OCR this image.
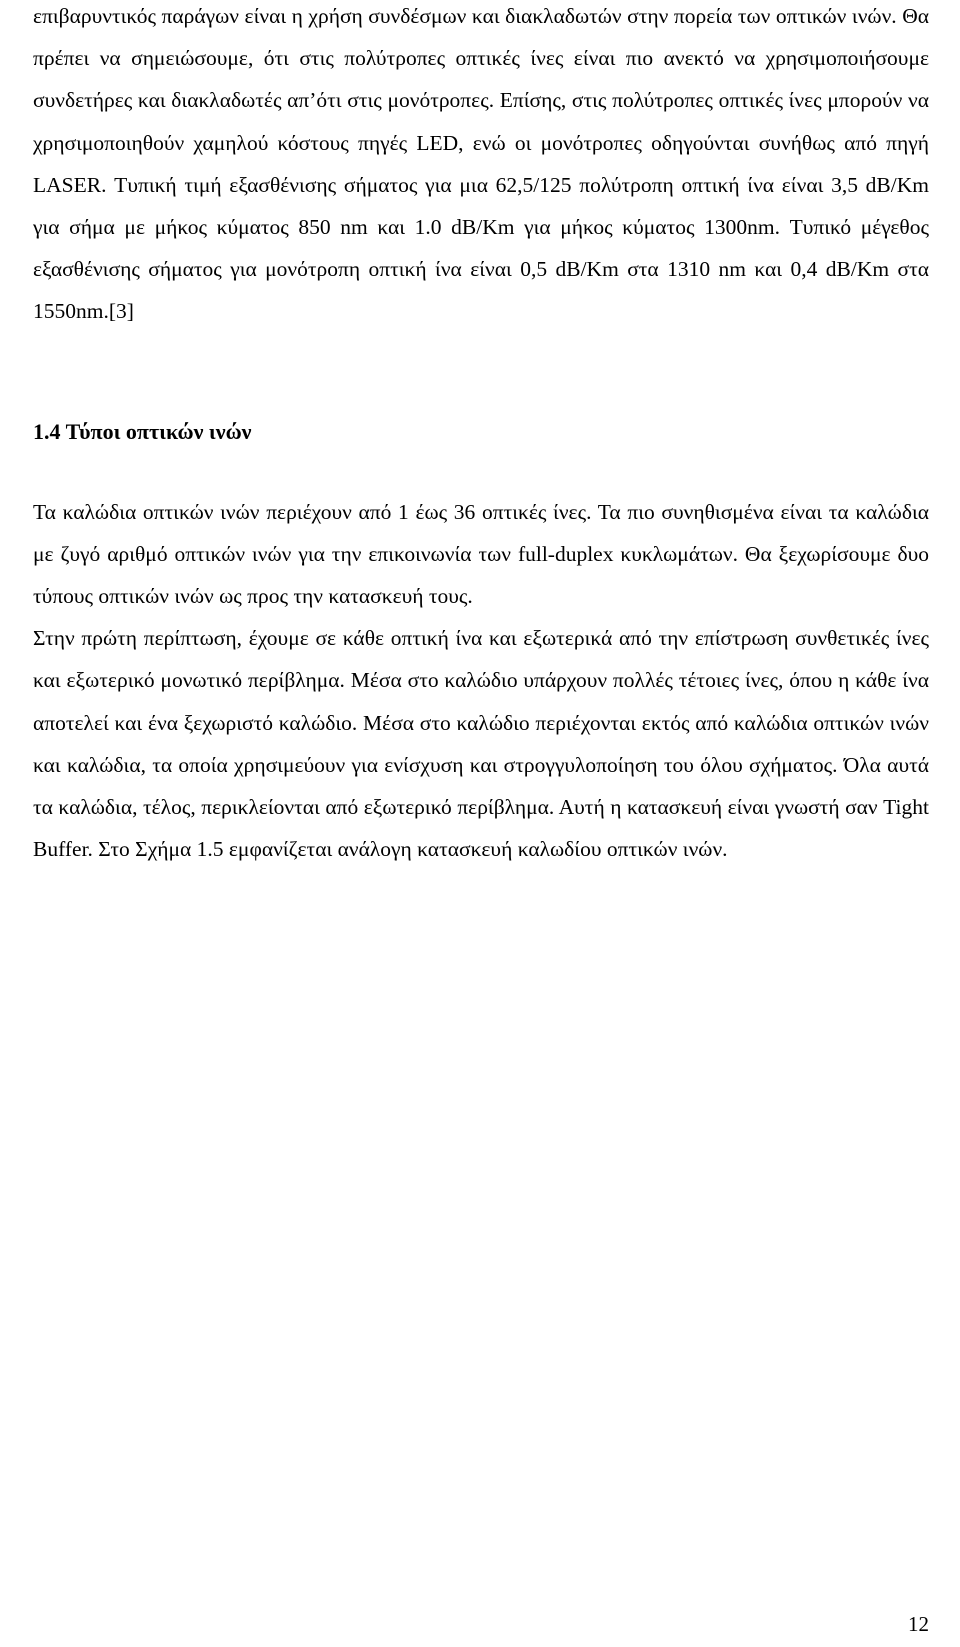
επιβαρυντικός παράγων είναι η χρήση συνδέσμων και διακλαδωτών στην πορεία των οπτικών ινών. Θα πρέπει να σημειώσουμε, ότι στις πολύτροπες οπτικές ίνες είναι πιο ανεκτό να χρησιμοποιήσουμε συνδετήρες και διακλαδωτές απ’ότι στις μονότροπες. Επίσης, στις πολύτροπες οπτικές ίνες μπορούν να χρησιμοποιηθούν χαμηλού κόστους πηγές LED, ενώ οι μονότροπες οδηγούνται συνήθως από πηγή LASER. Τυπική τιμή εξασθένισης σήματος για μια 62,5/125 πολύτροπη οπτική ίνα είναι 3,5 dB/Km για σήμα με μήκος κύματος 850 nm και 1.0 dB/Km για μήκος κύματος 1300nm. Τυπικό μέγεθος εξασθένισης σήματος για μονότροπη οπτική ίνα είναι 0,5 dB/Km στα 1310 nm και 0,4 dB/Km στα 1550nm.[3]

1.4 Τύποι οπτικών ινών

Τα καλώδια οπτικών ινών περιέχουν από 1 έως 36 οπτικές ίνες. Τα πιο συνηθισμένα είναι τα καλώδια με ζυγό αριθμό οπτικών ινών για την επικοινωνία των full-duplex κυκλωμάτων. Θα ξεχωρίσουμε δυο τύπους οπτικών ινών ως προς την κατασκευή τους.

Στην πρώτη περίπτωση, έχουμε σε κάθε οπτική ίνα και εξωτερικά από την επίστρωση συνθετικές ίνες και εξωτερικό μονωτικό περίβλημα. Μέσα στο καλώδιο υπάρχουν πολλές τέτοιες ίνες, όπου η κάθε ίνα αποτελεί και ένα ξεχωριστό καλώδιο. Μέσα στο καλώδιο περιέχονται εκτός από καλώδια οπτικών ινών και καλώδια, τα οποία χρησιμεύουν για ενίσχυση και στρογγυλοποίηση του όλου σχήματος. Όλα αυτά τα καλώδια, τέλος, περικλείονται από εξωτερικό περίβλημα. Αυτή η κατασκευή είναι γνωστή σαν Tight Buffer. Στο Σχήμα 1.5 εμφανίζεται ανάλογη κατασκευή καλωδίου οπτικών ινών.

12
